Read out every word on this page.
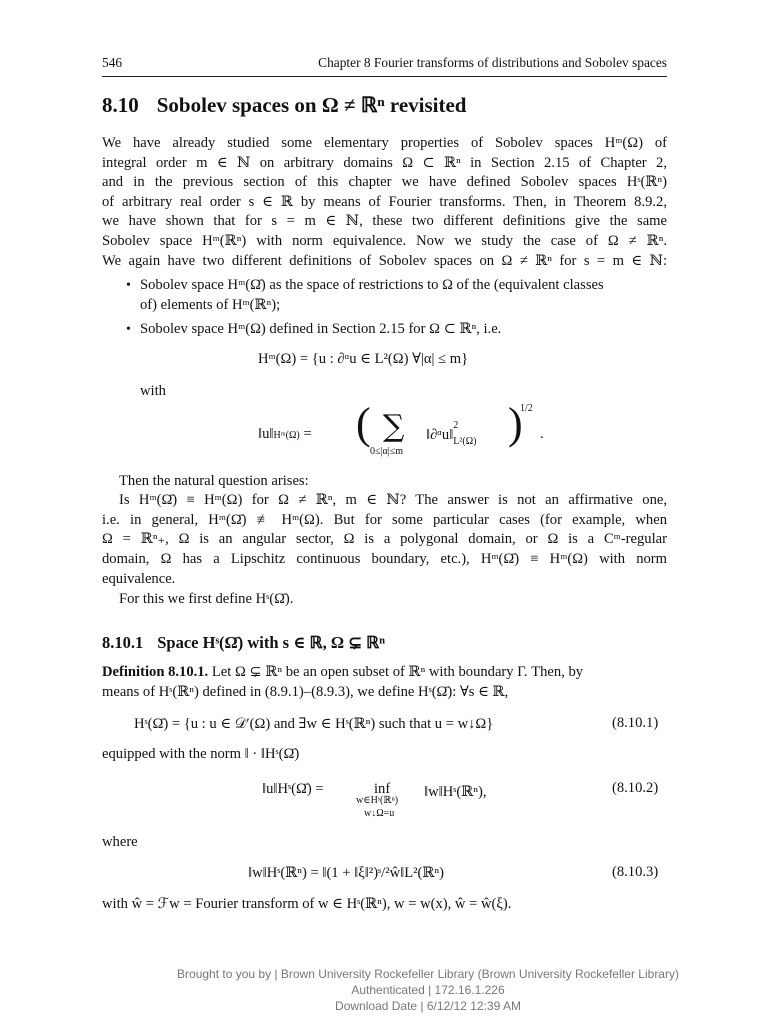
546	Chapter 8 Fourier transforms of distributions and Sobolev spaces
8.10 Sobolev spaces on Ω ≠ ℝⁿ revisited
We have already studied some elementary properties of Sobolev spaces Hᵐ(Ω) of
integral order m ∈ ℕ on arbitrary domains Ω ⊂ ℝⁿ in Section 2.15 of Chapter 2,
and in the previous section of this chapter we have defined Sobolev spaces Hˢ(ℝⁿ)
of arbitrary real order s ∈ ℝ by means of Fourier transforms. Then, in Theorem 8.9.2,
we have shown that for s = m ∈ ℕ, these two different definitions give the same
Sobolev space Hᵐ(ℝⁿ) with norm equivalence. Now we study the case of Ω ≠ ℝⁿ.
We again have two different definitions of Sobolev spaces on Ω ≠ ℝⁿ for s = m ∈ ℕ:
• Sobolev space Hᵐ(Ω̄) as the space of restrictions to Ω of the (equivalent classes
of) elements of Hᵐ(ℝⁿ);
• Sobolev space Hᵐ(Ω) defined in Section 2.15 for Ω ⊂ ℝⁿ, i.e.
Hᵐ(Ω) = {u : ∂ᵅu ∈ L²(Ω) ∀|α| ≤ m}
with
‖u‖Hᵐ(Ω) = ( ∑
0≤|α|≤m
‖∂ᵅu‖
2
L²(Ω) )
1/2
.
Then the natural question arises:
Is Hᵐ(Ω̄) ≡ Hᵐ(Ω) for Ω ≠ ℝⁿ, m ∈ ℕ? The answer is not an affirmative one,
i.e. in general, Hᵐ(Ω̄) ≢ Hᵐ(Ω). But for some particular cases (for example, when
Ω = ℝⁿ₊, Ω is an angular sector, Ω is a polygonal domain, or Ω is a Cᵐ-regular
domain, Ω has a Lipschitz continuous boundary, etc.), Hᵐ(Ω̄) ≡ Hᵐ(Ω) with norm
equivalence.
For this we first define Hˢ(Ω̄).
8.10.1 Space Hˢ(Ω̄) with s ∈ ℝ, Ω ⊊ ℝⁿ
Definition 8.10.1. Let Ω ⊊ ℝⁿ be an open subset of ℝⁿ with boundary Γ. Then, by
means of Hˢ(ℝⁿ) defined in (8.9.1)–(8.9.3), we define Hˢ(Ω̄): ∀s ∈ ℝ,
Hˢ(Ω̄) = {u : u ∈ 𝒟′(Ω) and ∃w ∈ Hˢ(ℝⁿ) such that u = w↓Ω}	(8.10.1)
equipped with the norm ‖ · ‖Hˢ(Ω̄)
‖u‖Hˢ(Ω̄) =	inf
w∈Hˢ(ℝⁿ)
w↓Ω=u
‖w‖Hˢ(ℝⁿ),	(8.10.2)
where
‖w‖Hˢ(ℝⁿ) = ‖(1 + ‖ξ‖²)ˢ/²ŵ‖L²(ℝⁿ)	(8.10.3)
with ŵ = ℱw = Fourier transform of w ∈ Hˢ(ℝⁿ), w = w(x), ŵ = ŵ(ξ).
Brought to you by | Brown University Rockefeller Library (Brown University Rockefeller Library)
Authenticated | 172.16.1.226
Download Date | 6/12/12 12:39 AM
